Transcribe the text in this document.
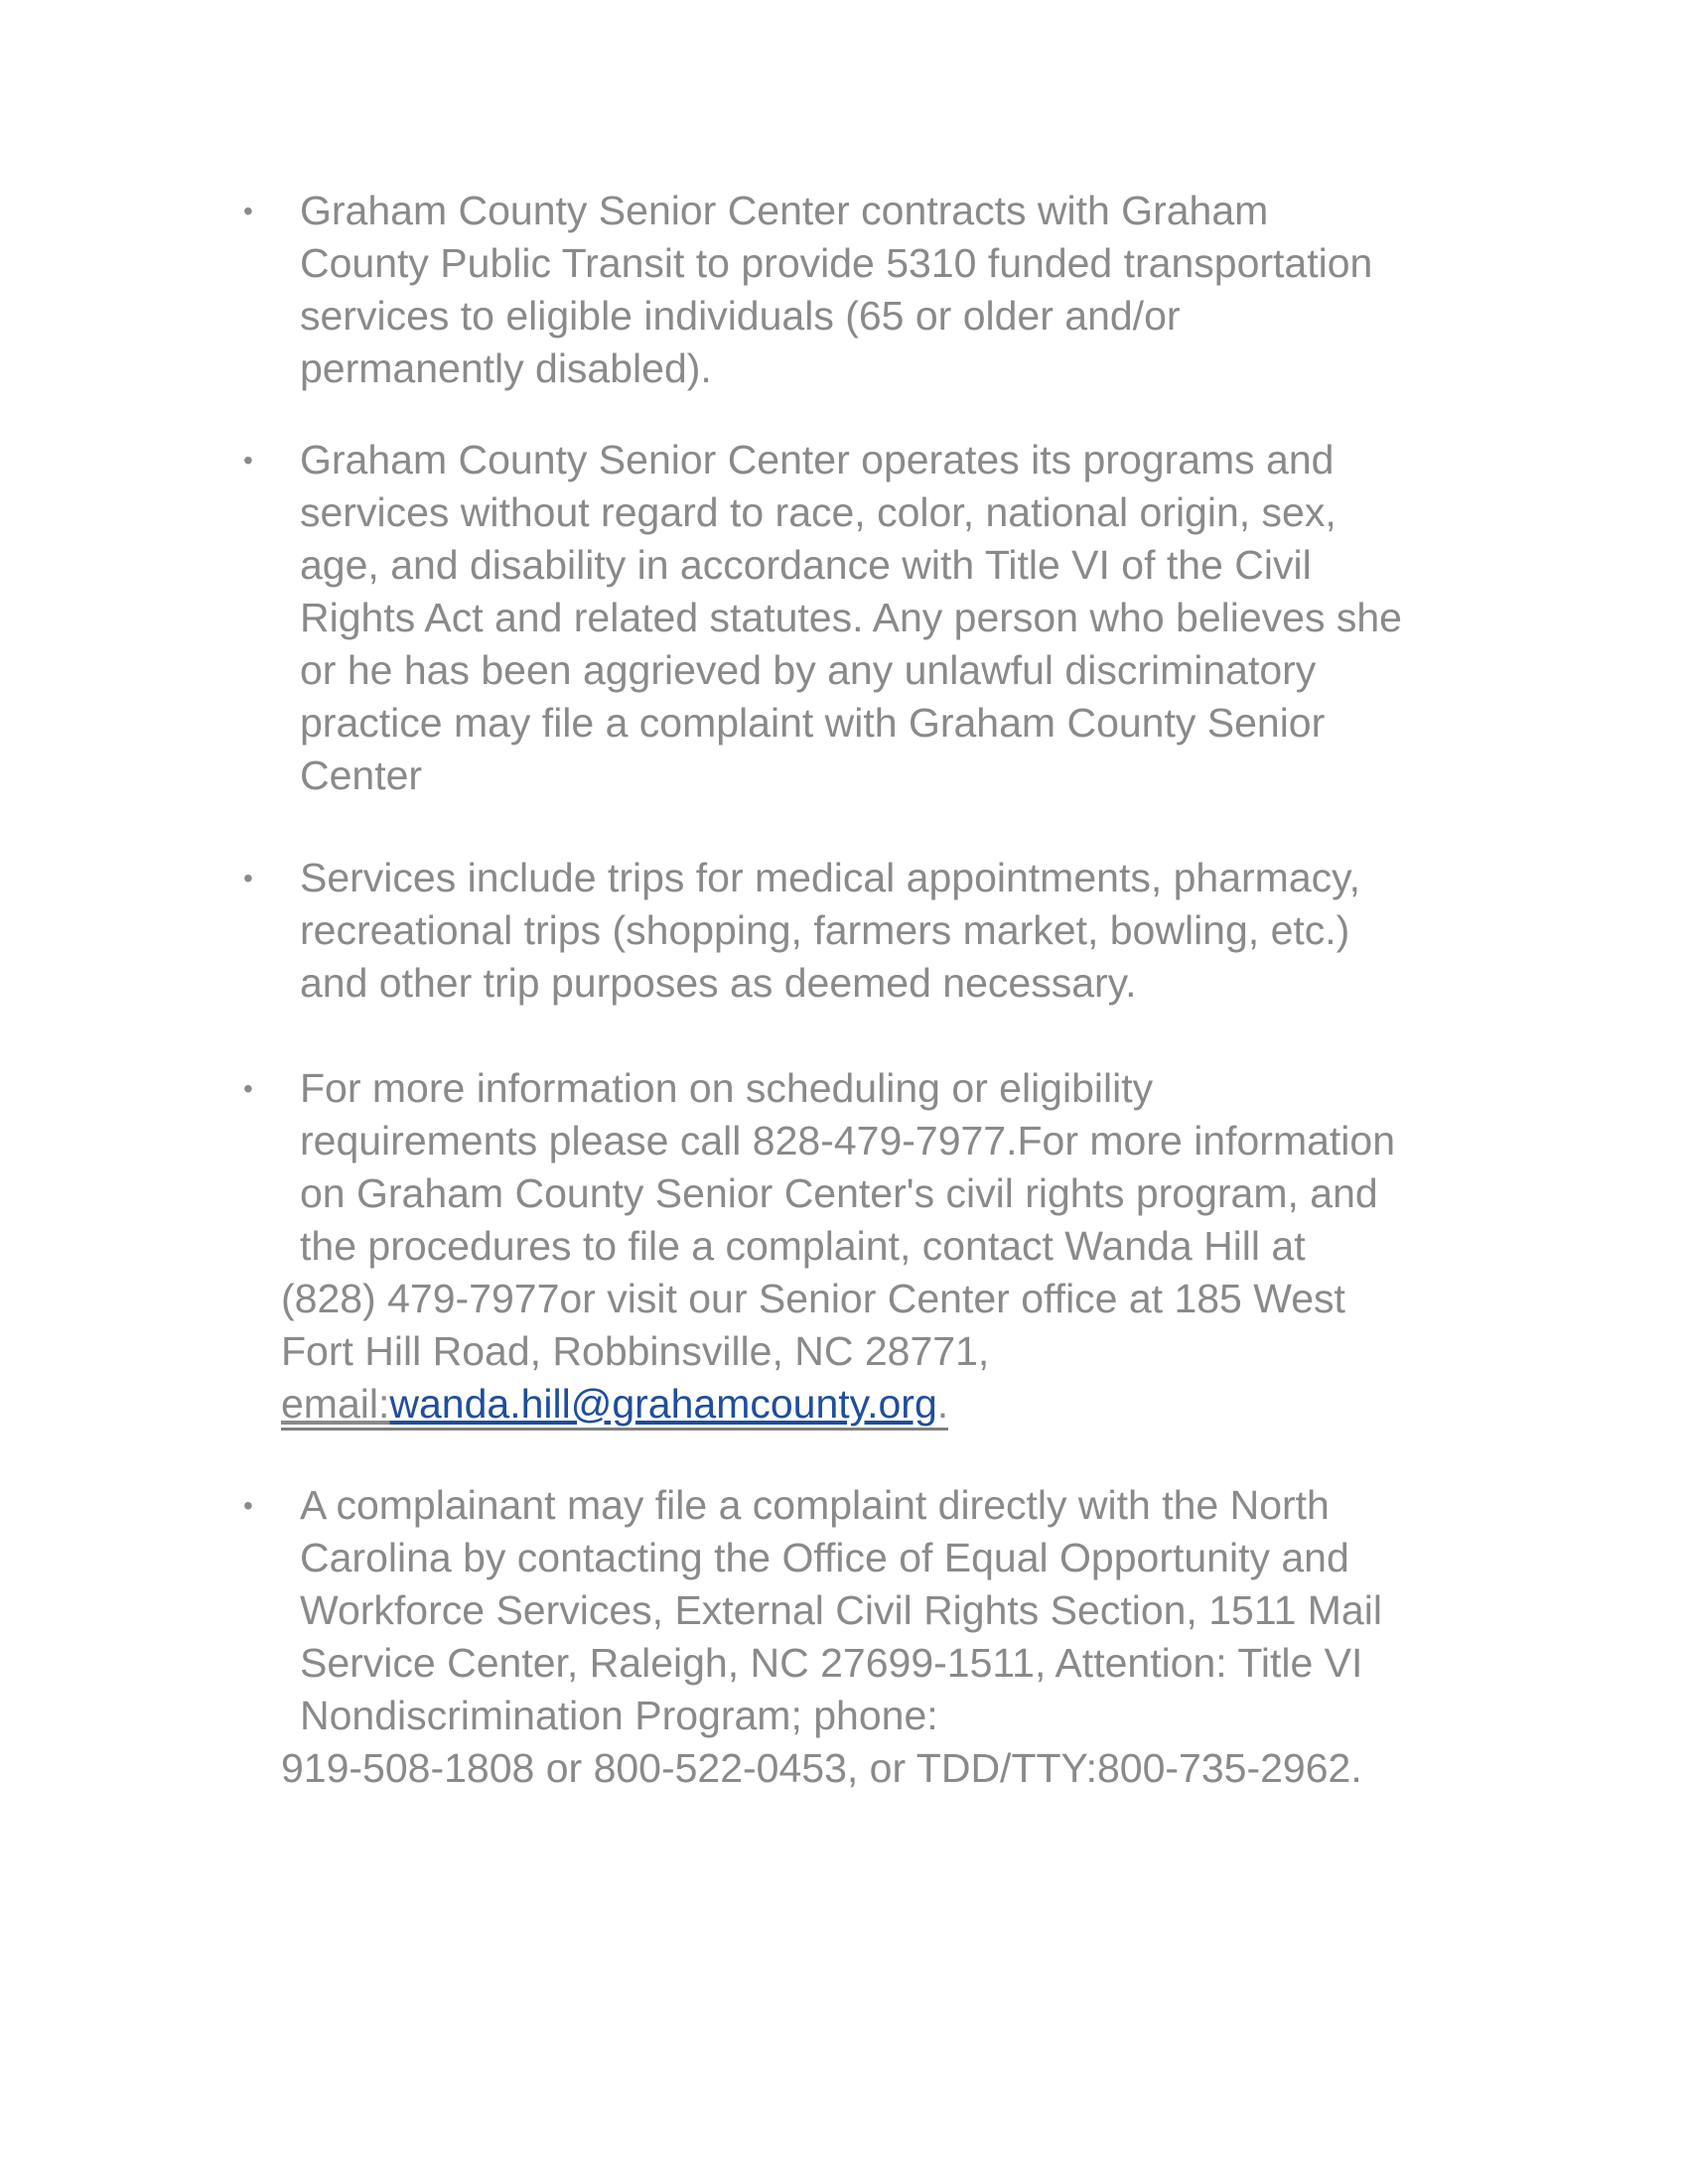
•	Graham County Senior Center contracts with Graham
County Public Transit to provide 5310 funded transportation
services to eligible individuals (65 or older and/or
permanently disabled).
•	Graham County Senior Center operates its programs and
services without regard to race, color, national origin, sex,
age, and disability in accordance with Title VI of the Civil
Rights Act and related statutes. Any person who believes she
or he has been aggrieved by any unlawful discriminatory
practice may file a complaint with Graham County Senior
Center
•	Services include trips for medical appointments, pharmacy,
recreational trips (shopping, farmers market, bowling, etc.)
and other trip purposes as deemed necessary.
•	For more information on scheduling or eligibility
requirements please call 828-479-7977.For more information
on Graham County Senior Center's civil rights program, and
the procedures to file a complaint, contact Wanda Hill at
(828) 479-7977or visit our Senior Center office at 185 West
Fort Hill Road, Robbinsville, NC 28771,
email:wanda.hill@grahamcounty.org.
•	A complainant may file a complaint directly with the North
Carolina by contacting the Office of Equal Opportunity and
Workforce Services, External Civil Rights Section, 1511 Mail
Service Center, Raleigh, NC 27699-1511, Attention: Title VI
Nondiscrimination Program; phone:
919-508-1808 or 800-522-0453, or TDD/TTY:800-735-2962.
